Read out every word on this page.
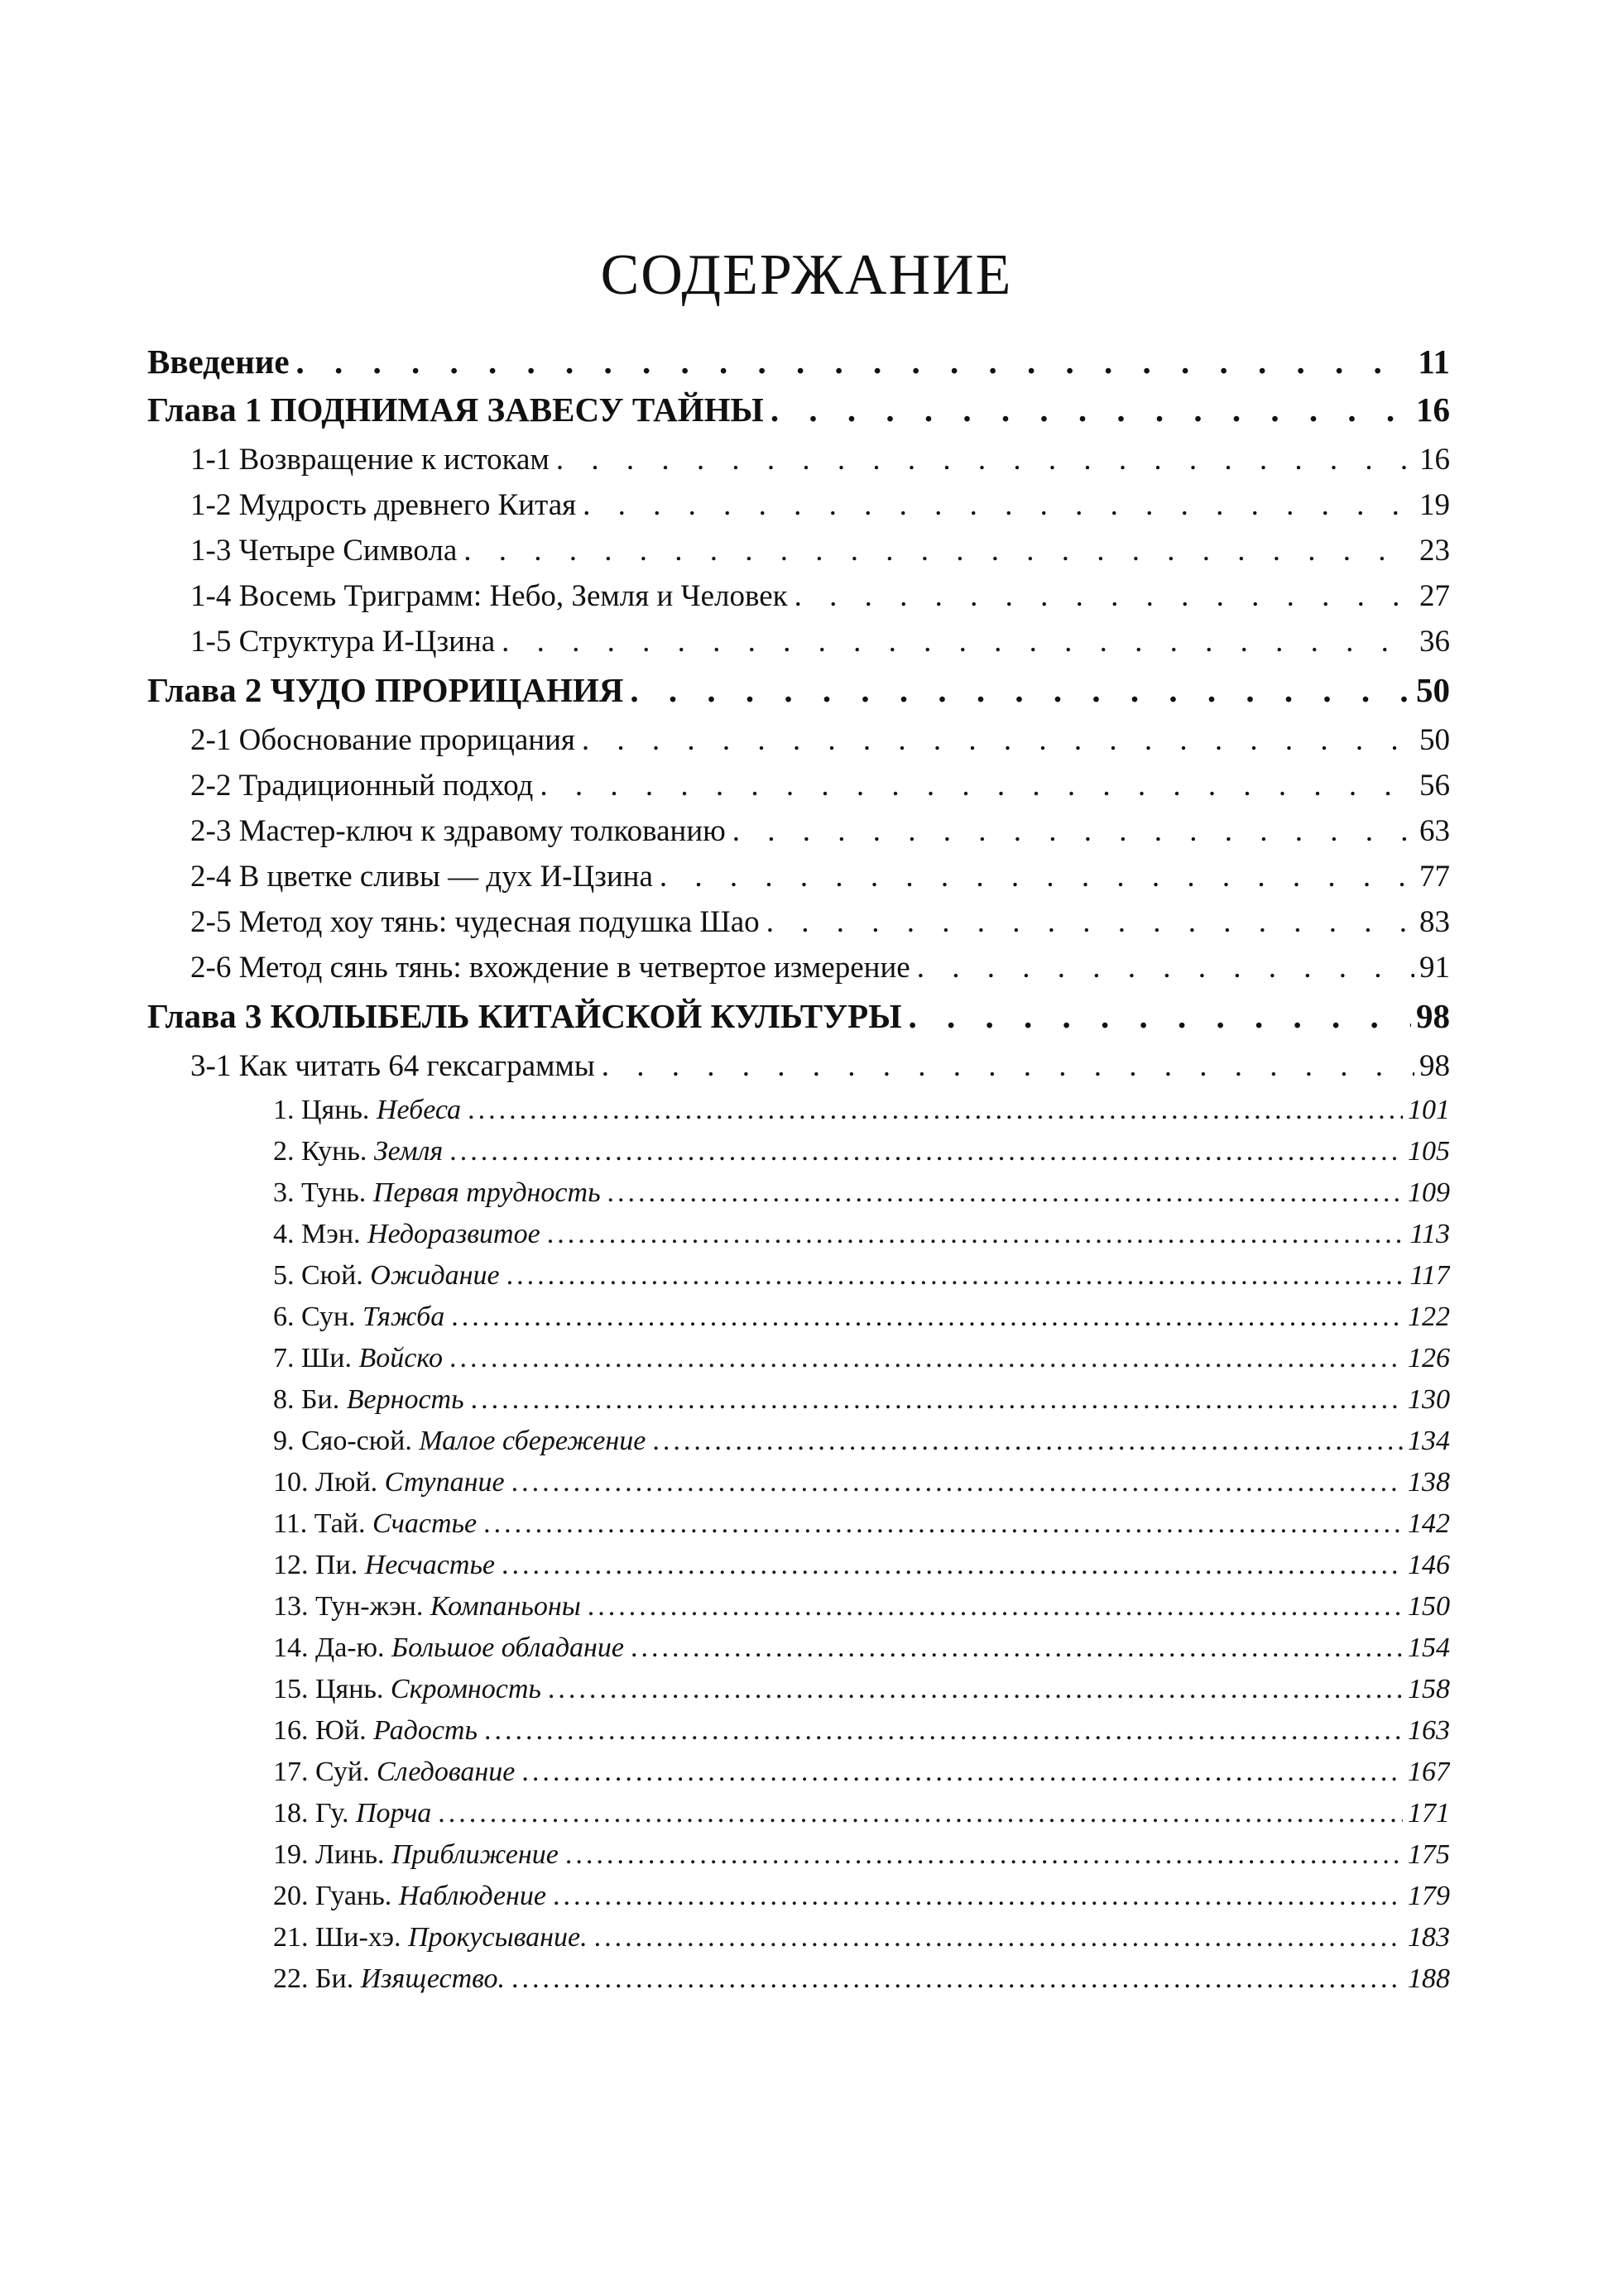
СОДЕРЖАНИЕ
Введение . . .	11
Глава 1 ПОДНИМАЯ ЗАВЕСУ ТАЙНЫ . . .	16
1-1 Возвращение к истокам . . .	16
1-2 Мудрость древнего Китая . . .	19
1-3 Четыре Символа . . .	23
1-4 Восемь Триграмм: Небо, Земля и Человек . . .	27
1-5 Структура И-Цзина . . .	36
Глава 2 ЧУДО ПРОРИЦАНИЯ . . .	50
2-1 Обоснование прорицания . . .	50
2-2 Традиционный подход . . .	56
2-3 Мастер-ключ к здравому толкованию . . .	63
2-4 В цветке сливы — дух И-Цзина . . .	77
2-5 Метод хоу тянь: чудесная подушка Шао . . .	83
2-6 Метод сянь тянь: вхождение в четвертое измерение . . .	91
Глава 3 КОЛЫБЕЛЬ КИТАЙСКОЙ КУЛЬТУРЫ . . .	98
3-1 Как читать 64 гексаграммы . . .	98
1. Цянь. Небеса .....	101
2. Кунь. Земля .....	105
3. Тунь. Первая трудность .....	109
4. Мэн. Недоразвитое .....	113
5. Сюй. Ожидание .....	117
6. Сун. Тяжба .....	122
7. Ши. Войско .....	126
8. Би. Верность .....	130
9. Сяо-сюй. Малое сбережение .....	134
10. Люй. Ступание .....	138
11. Тай. Счастье .....	142
12. Пи. Несчастье .....	146
13. Тун-жэн. Компаньоны .....	150
14. Да-ю. Большое обладание .....	154
15. Цянь. Скромность .....	158
16. Юй. Радость .....	163
17. Суй. Следование .....	167
18. Гу. Порча .....	171
19. Линь. Приближение .....	175
20. Гуань. Наблюдение .....	179
21. Ши-хэ. Прокусывание. .....	183
22. Би. Изящество. .....	188
